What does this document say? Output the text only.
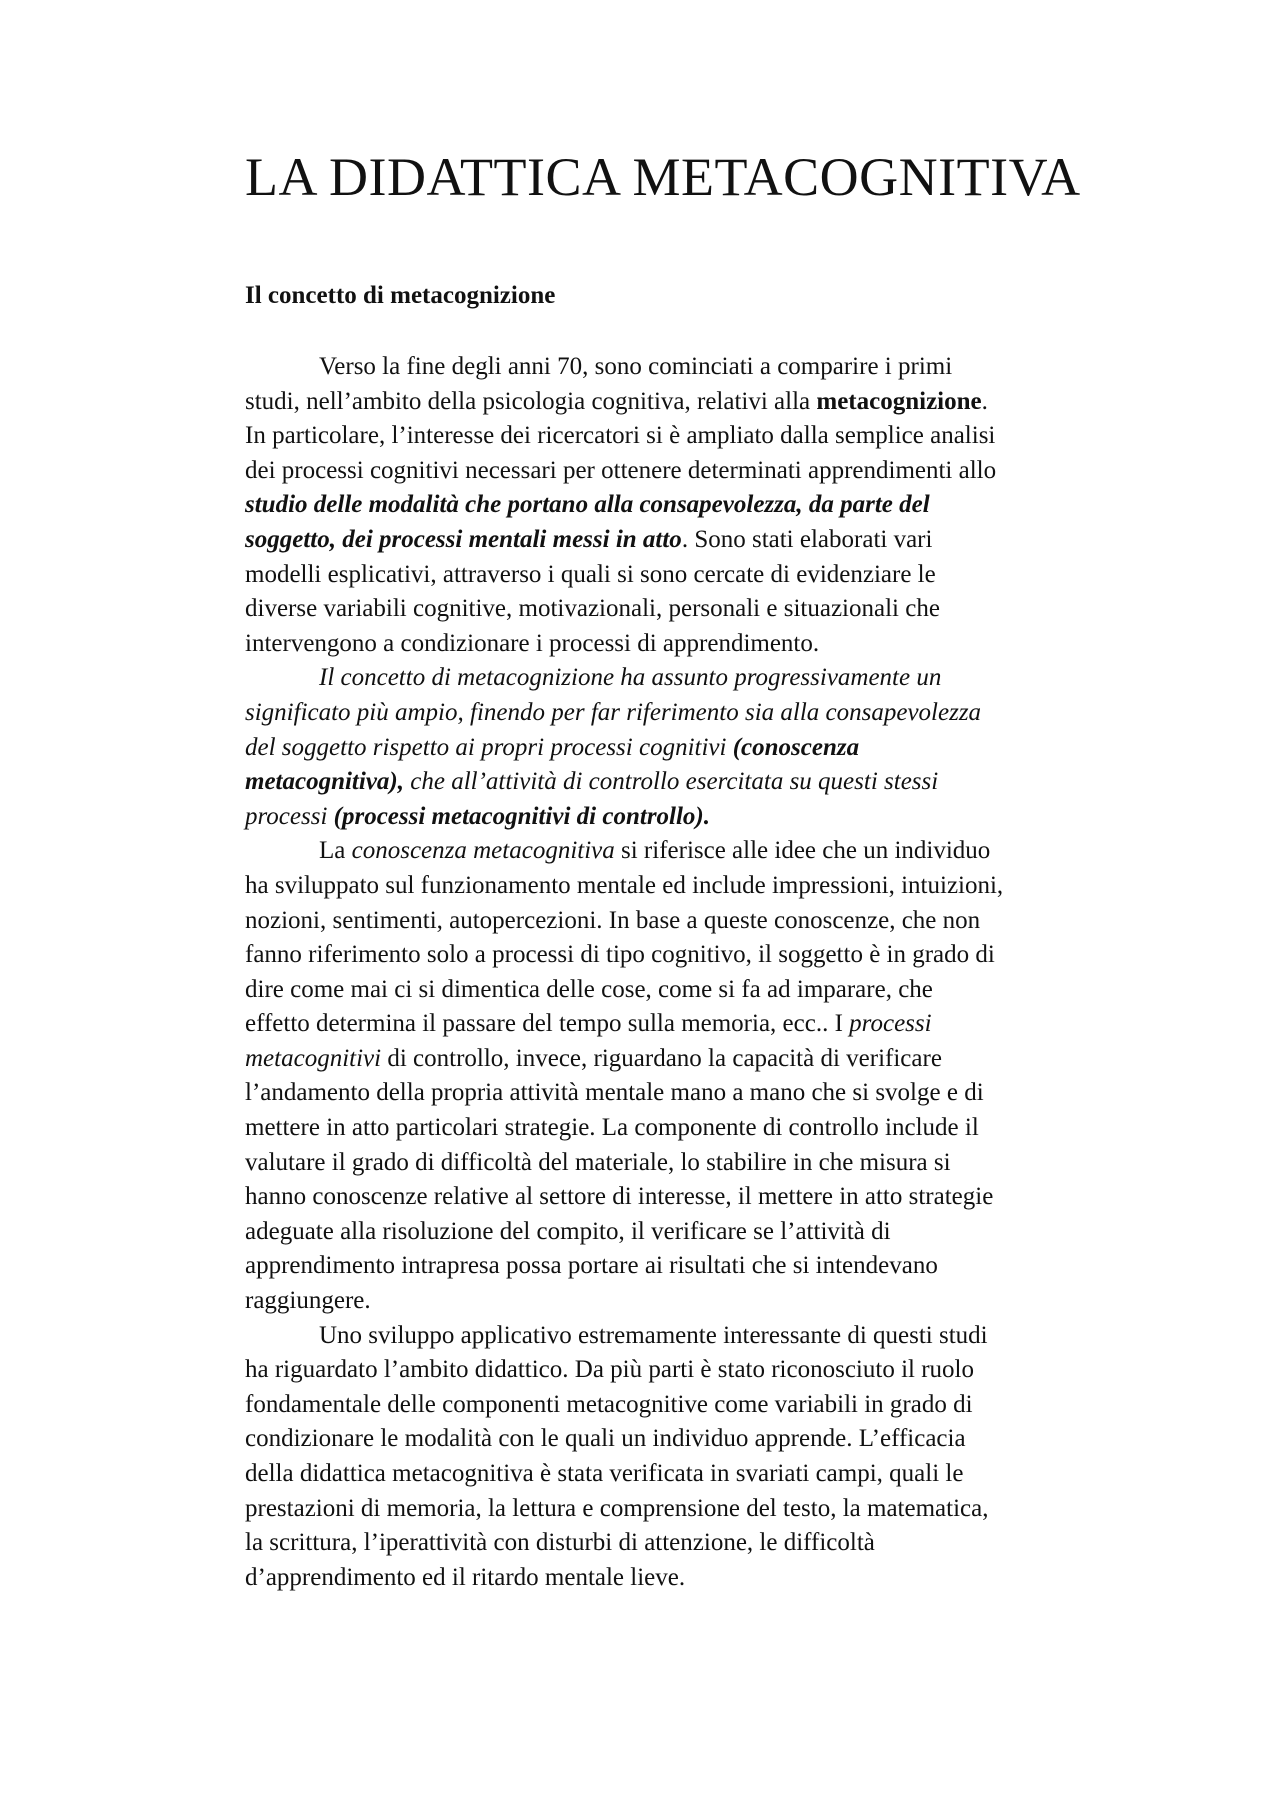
LA DIDATTICA METACOGNITIVA
Il concetto di metacognizione

Verso la fine degli anni 70, sono cominciati a comparire i primi
studi, nell’ambito della psicologia cognitiva, relativi alla metacognizione.
In particolare, l’interesse dei ricercatori si è ampliato dalla semplice analisi
dei processi cognitivi necessari per ottenere determinati apprendimenti allo
studio delle modalità che portano alla consapevolezza, da parte del
soggetto, dei processi mentali messi in atto. Sono stati elaborati vari
modelli esplicativi, attraverso i quali si sono cercate di evidenziare le
diverse variabili cognitive, motivazionali, personali e situazionali che
intervengono a condizionare i processi di apprendimento.

Il concetto di metacognizione ha assunto progressivamente un
significato più ampio, finendo per far riferimento sia alla consapevolezza
del soggetto rispetto ai propri processi cognitivi (conoscenza
metacognitiva), che all’attività di controllo esercitata su questi stessi
processi (processi metacognitivi di controllo).

La conoscenza metacognitiva si riferisce alle idee che un individuo
ha sviluppato sul funzionamento mentale ed include impressioni, intuizioni,
nozioni, sentimenti, autopercezioni. In base a queste conoscenze, che non
fanno riferimento solo a processi di tipo cognitivo, il soggetto è in grado di
dire come mai ci si dimentica delle cose, come si fa ad imparare, che
effetto determina il passare del tempo sulla memoria, ecc.. I processi
metacognitivi di controllo, invece, riguardano la capacità di verificare
l’andamento della propria attività mentale mano a mano che si svolge e di
mettere in atto particolari strategie. La componente di controllo include il
valutare il grado di difficoltà del materiale, lo stabilire in che misura si
hanno conoscenze relative al settore di interesse, il mettere in atto strategie
adeguate alla risoluzione del compito, il verificare se l’attività di
apprendimento intrapresa possa portare ai risultati che si intendevano
raggiungere.

Uno sviluppo applicativo estremamente interessante di questi studi
ha riguardato l’ambito didattico. Da più parti è stato riconosciuto il ruolo
fondamentale delle componenti metacognitive come variabili in grado di
condizionare le modalità con le quali un individuo apprende. L’efficacia
della didattica metacognitiva è stata verificata in svariati campi, quali le
prestazioni di memoria, la lettura e comprensione del testo, la matematica,
la scrittura, l’iperattività con disturbi di attenzione, le difficoltà
d’apprendimento ed il ritardo mentale lieve.
